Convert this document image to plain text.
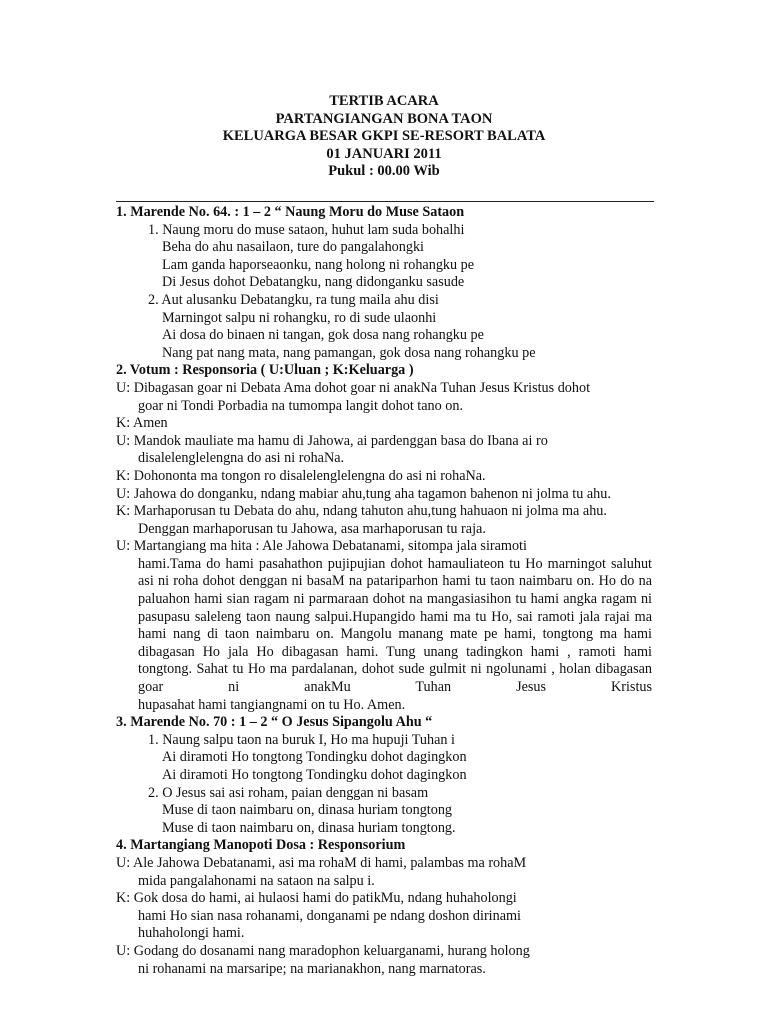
TERTIB ACARA
PARTANGIANGAN BONA TAON
KELUARGA BESAR GKPI SE-RESORT BALATA
01 JANUARI 2011
Pukul : 00.00 Wib
1. Marende No. 64. : 1 – 2 “ Naung Moru do Muse Sataon
1. Naung moru do muse sataon, huhut lam suda bohalhi
Beha do ahu nasailaon, ture do pangalahongki
Lam ganda haporseaonku, nang holong ni rohangku pe
Di Jesus dohot Debatangku, nang didonganku sasude
2. Aut alusanku Debatangku, ra tung maila ahu disi
Marningot salpu ni rohangku, ro di sude ulaonhi
Ai dosa do binaen ni tangan, gok dosa nang rohangku pe
Nang pat nang mata, nang pamangan, gok dosa nang rohangku pe
2. Votum : Responsoria ( U:Uluan ; K:Keluarga )
U: Dibagasan goar ni Debata Ama dohot goar ni anakNa Tuhan Jesus Kristus dohot
goar ni Tondi Porbadia na tumompa langit dohot tano on.
K: Amen
U: Mandok mauliate ma hamu di Jahowa, ai pardenggan basa do Ibana ai ro
disalelenglelengna do asi ni rohaNa.
K: Dohononta ma tongon ro disalelenglelengna do asi ni rohaNa.
U: Jahowa do donganku, ndang mabiar ahu,tung aha tagamon bahenon ni jolma tu ahu.
K: Marhaporusan tu Debata do ahu, ndang tahuton ahu,tung hahuaon ni jolma ma ahu.
Denggan marhaporusan tu Jahowa, asa marhaporusan tu raja.
U: Martangiang ma hita : Ale Jahowa Debatanami, sitompa jala siramoti
hami.Tama do hami pasahathon pujipujian dohot hamauliateon tu Ho marningot saluhut asi ni roha dohot denggan ni basaM na patariparhon hami tu taon naimbaru on. Ho do na paluahon hami sian ragam ni parmaraan dohot na mangasiasihon tu hami angka ragam ni pasupasu saleleng taon naung salpui.Hupangido hami ma tu Ho, sai ramoti jala rajai ma hami nang di taon naimbaru on. Mangolu manang mate pe hami, tongtong ma hami dibagasan Ho jala Ho dibagasan hami. Tung unang tadingkon hami , ramoti hami tongtong. Sahat tu Ho ma pardalanan, dohot sude gulmit ni ngolunami , holan dibagasan goar ni anakMu Tuhan Jesus Kristus
hupasahat hami tangiangnami on tu Ho. Amen.
3. Marende No. 70 : 1 – 2 “ O Jesus Sipangolu Ahu “
1. Naung salpu taon na buruk I, Ho ma hupuji Tuhan i
Ai diramoti Ho tongtong Tondingku dohot dagingkon
Ai diramoti Ho tongtong Tondingku dohot dagingkon
2. O Jesus sai asi roham, paian denggan ni basam
Muse di taon naimbaru on, dinasa huriam tongtong
Muse di taon naimbaru on, dinasa huriam tongtong.
4. Martangiang Manopoti Dosa : Responsorium
U: Ale Jahowa Debatanami, asi ma rohaM di hami, palambas ma rohaM
mida pangalahonami na sataon na salpu i.
K: Gok dosa do hami, ai hulaosi hami do patikMu, ndang huhaholongi
hami Ho sian nasa rohanami, donganami pe ndang doshon dirinami
huhaholongi hami.
U: Godang do dosanami nang maradophon keluarganami, hurang holong
ni rohanami na marsaripe; na marianakhon, nang marnatoras.
